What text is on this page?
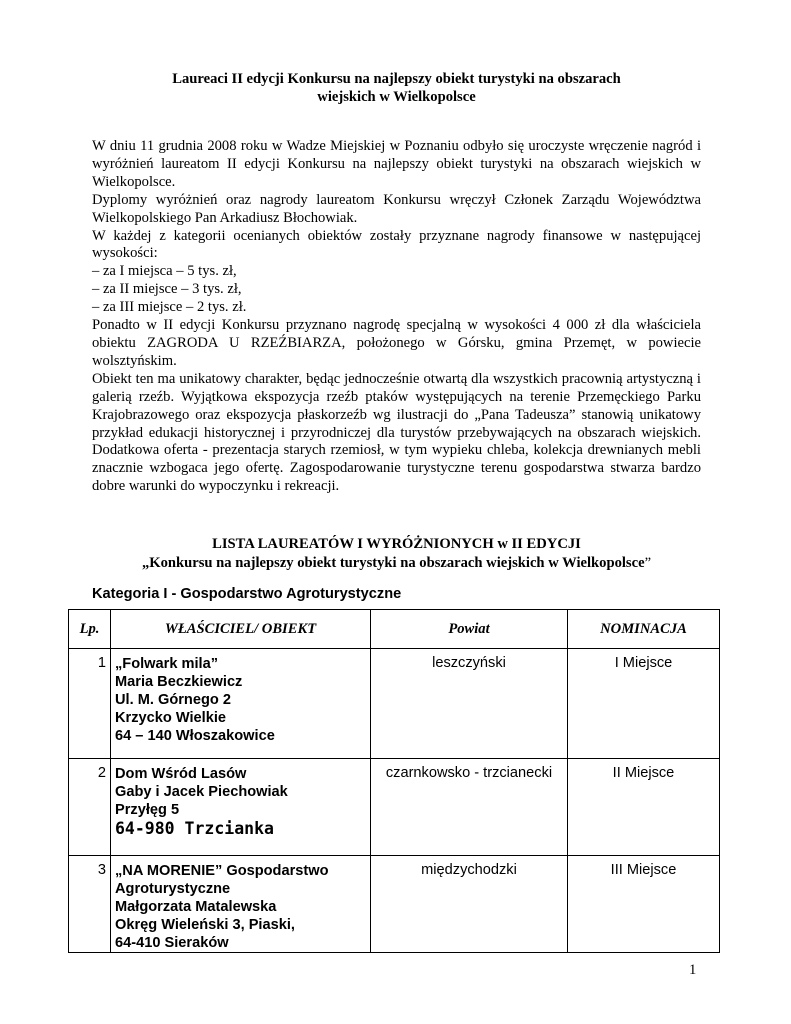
Laureaci II edycji Konkursu na najlepszy obiekt turystyki na obszarach
wiejskich w Wielkopolsce

W dniu 11 grudnia 2008 roku w Wadze Miejskiej w Poznaniu odbyło się uroczyste wręczenie nagród i wyróżnień laureatom II edycji Konkursu na najlepszy obiekt turystyki na obszarach wiejskich w Wielkopolsce.

Dyplomy wyróżnień oraz nagrody laureatom Konkursu wręczył Członek Zarządu Województwa Wielkopolskiego Pan Arkadiusz Błochowiak.

W każdej z kategorii ocenianych obiektów zostały przyznane nagrody finansowe w następującej wysokości:

– za I miejsca – 5 tys. zł,

– za II miejsce – 3 tys. zł,

– za III miejsce – 2 tys. zł.

Ponadto w II edycji Konkursu przyznano nagrodę specjalną w wysokości 4 000 zł dla właściciela obiektu ZAGRODA U RZEŹBIARZA, położonego w Górsku, gmina Przemęt, w powiecie wolsztyńskim.

Obiekt ten ma unikatowy charakter, będąc jednocześnie otwartą dla wszystkich pracownią artystyczną i galerią rzeźb. Wyjątkowa ekspozycja rzeźb ptaków występujących na terenie Przemęckiego Parku Krajobrazowego oraz ekspozycja płaskorzeźb wg ilustracji do „Pana Tadeusza” stanowią unikatowy przykład edukacji historycznej i przyrodniczej dla turystów przebywających na obszarach wiejskich. Dodatkowa oferta - prezentacja starych rzemiosł, w tym wypieku chleba, kolekcja drewnianych mebli znacznie wzbogaca jego ofertę. Zagospodarowanie turystyczne terenu gospodarstwa stwarza bardzo dobre warunki do wypoczynku i rekreacji.

LISTA LAUREATÓW I WYRÓŻNIONYCH w II EDYCJI
„Konkursu na najlepszy obiekt turystyki na obszarach wiejskich w Wielkopolsce”
Kategoria I - Gospodarstwo Agroturystyczne
Lp.	WŁAŚCICIEL/ OBIEKT	Powiat	NOMINACJA
1	„Folwark mila”
Maria Beczkiewicz
Ul. M. Górnego 2
Krzycko Wielkie
64 – 140 Włoszakowice	leszczyński	I Miejsce
2	Dom Wśród Lasów
Gaby i Jacek Piechowiak
Przyłęg 5
64-980 Trzcianka	czarnkowsko - trzcianecki	II Miejsce
3	„NA MORENIE” Gospodarstwo
Agroturystyczne
Małgorzata Matalewska
Okręg Wieleński 3, Piaski,
64-410 Sieraków	międzychodzki	III Miejsce
1
